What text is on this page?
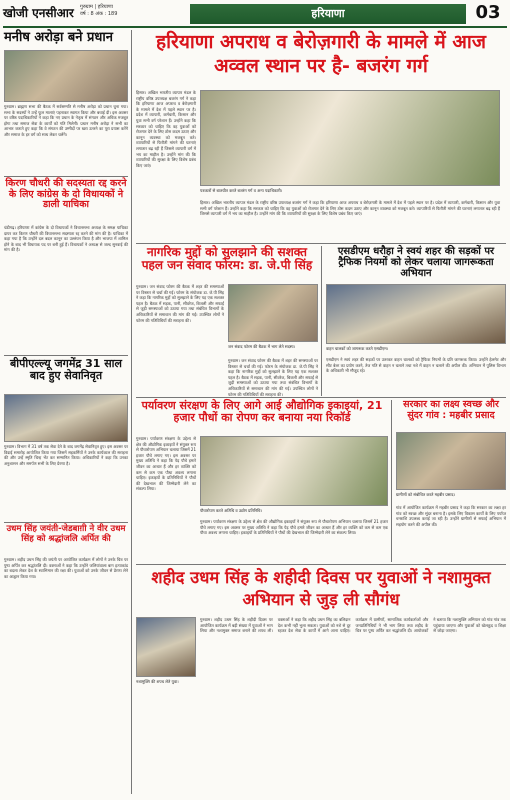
खोजी एनसीआर गुरुग्राम | हरियाणा
वर्ष : 8 अंक : 189	हरियाणा	03
मनीष अरोड़ा बने प्रधान
गुरुग्राम। ब्राह्मण सभा की बैठक में सर्वसम्मति से मनीष अरोड़ा को प्रधान चुना गया। सभा के सदस्यों ने उन्हें फूल मालाएं पहनाकर स्वागत किया और बधाई दी। इस अवसर पर वरिष्ठ पदाधिकारियों ने कहा कि नए प्रधान के नेतृत्व में संगठन और अधिक मजबूत होगा तथा समाज सेवा के कार्यों को गति मिलेगी। प्रधान मनीष अरोड़ा ने सभी का आभार जताते हुए कहा कि वे संगठन की उम्मीदों पर खरा उतरने का पूरा प्रयास करेंगे और समाज के हर वर्ग को साथ लेकर चलेंगे।
किरण चौधरी की सदस्यता रद्द करने के लिए कांग्रेस के दो विधायकों ने डाली याचिका
चंडीगढ़। हरियाणा में कांग्रेस के दो विधायकों ने विधानसभा अध्यक्ष के समक्ष याचिका दायर कर किरण चौधरी की विधानसभा सदस्यता रद्द करने की मांग की है। याचिका में कहा गया है कि उन्होंने दल बदल कानून का उल्लंघन किया है और भाजपा में शामिल होने के बाद भी विधायक पद पर बनी हुई हैं। विधायकों ने अध्यक्ष से जल्द सुनवाई की मांग की है।
बीपीएल्ल्यू जगमेंद्र 31 साल बाद हुए सेवानिवृत
गुरुग्राम। विभाग में 31 वर्ष तक सेवा देने के बाद जगमेंद्र सेवानिवृत हुए। इस अवसर पर विदाई समारोह आयोजित किया गया जिसमें सहकर्मियों ने उनके कार्यकाल की सराहना की और उन्हें स्मृति चिन्ह भेंट कर सम्मानित किया। अधिकारियों ने कहा कि उनका अनुशासन और समर्पण सभी के लिए प्रेरणा है।
उधम सिंह जयंती-जेडबाग़ी ने वीर उधम सिंह को श्रद्धांजलि अर्पित की
गुरुग्राम। शहीद उधम सिंह की जयंती पर आयोजित कार्यक्रम में लोगों ने उनके चित्र पर पुष्प अर्पित कर श्रद्धांजलि दी। वक्ताओं ने कहा कि उन्होंने जलियांवाला बाग हत्याकांड का बदला लेकर देश के स्वाभिमान की रक्षा की। युवाओं को उनके जीवन से प्रेरणा लेने का आह्वान किया गया।
हरियाणा अपराध व बेरोज़गारी के मामले में आज अव्वल स्थान पर है- बजरंग गर्ग
हिसार। अखिल भारतीय व्यापार मंडल के राष्ट्रीय वरिष्ठ उपाध्यक्ष बजरंग गर्ग ने कहा कि हरियाणा आज अपराध व बेरोज़गारी के मामले में देश में पहले स्थान पर है। प्रदेश में व्यापारी, कर्मचारी, किसान और युवा सभी वर्ग परेशान हैं। उन्होंने कहा कि सरकार को चाहिए कि वह युवाओं को रोजगार देने के लिए ठोस कदम उठाए और कानून व्यवस्था को मजबूत करे। व्यापारियों से फिरौती मांगने की घटनाएं लगातार बढ़ रही हैं जिससे व्यापारी वर्ग में भय का माहौल है। उन्होंने मांग की कि व्यापारियों की सुरक्षा के लिए विशेष प्रबंध किए जाएं।
पत्रकारों से बातचीत करते बजरंग गर्ग व अन्य पदाधिकारी।
हिसार। अखिल भारतीय व्यापार मंडल के राष्ट्रीय वरिष्ठ उपाध्यक्ष बजरंग गर्ग ने कहा कि हरियाणा आज अपराध व बेरोज़गारी के मामले में देश में पहले स्थान पर है। प्रदेश में व्यापारी, कर्मचारी, किसान और युवा सभी वर्ग परेशान हैं। उन्होंने कहा कि सरकार को चाहिए कि वह युवाओं को रोजगार देने के लिए ठोस कदम उठाए और कानून व्यवस्था को मजबूत करे। व्यापारियों से फिरौती मांगने की घटनाएं लगातार बढ़ रही हैं जिससे व्यापारी वर्ग में भय का माहौल है। उन्होंने मांग की कि व्यापारियों की सुरक्षा के लिए विशेष प्रबंध किए जाएं।
नागरिक मुद्दों को सुलझाने की सशक्त पहल जन संवाद फोरम: डा. जे.पी सिंह
गुरुग्राम। जन संवाद फोरम की बैठक में शहर की समस्याओं पर विस्तार से चर्चा की गई। फोरम के संयोजक डा. जे.पी सिंह ने कहा कि नागरिक मुद्दों को सुलझाने के लिए यह एक सशक्त पहल है। बैठक में सड़क, पानी, सीवरेज, बिजली और सफाई से जुड़ी समस्याओं को उठाया गया तथा संबंधित विभागों के अधिकारियों से समाधान की मांग की गई। उपस्थित लोगों ने फोरम की गतिविधियों की सराहना की।
जन संवाद फोरम की बैठक में भाग लेते सदस्य।
गुरुग्राम। जन संवाद फोरम की बैठक में शहर की समस्याओं पर विस्तार से चर्चा की गई। फोरम के संयोजक डा. जे.पी सिंह ने कहा कि नागरिक मुद्दों को सुलझाने के लिए यह एक सशक्त पहल है। बैठक में सड़क, पानी, सीवरेज, बिजली और सफाई से जुड़ी समस्याओं को उठाया गया तथा संबंधित विभागों के अधिकारियों से समाधान की मांग की गई। उपस्थित लोगों ने फोरम की गतिविधियों की सराहना की।
एसडीएम धरौहा ने स्वयं शहर की सड़कों पर ट्रैफिक नियमों को लेकर चलाया जागरूकता अभियान
वाहन चालकों को जागरूक करते एसडीएम।
एसडीएम ने स्वयं शहर की सड़कों पर उतरकर वाहन चालकों को ट्रैफिक नियमों के प्रति जागरूक किया। उन्होंने हेलमेट और सीट बेल्ट का प्रयोग करने, तेज गति से वाहन न चलाने तथा नशे में वाहन न चलाने की अपील की। अभियान में पुलिस विभाग के अधिकारी भी मौजूद रहे।
पर्यावरण संरक्षण के लिए आगे आई औद्योगिक इकाइयां, 21 हजार पौधों का रोपण कर बनाया नया रिकॉर्ड
गुरुग्राम। पर्यावरण संरक्षण के उद्देश्य से क्षेत्र की औद्योगिक इकाइयों ने संयुक्त रूप से पौधारोपण अभियान चलाया जिसमें 21 हजार पौधे लगाए गए। इस अवसर पर मुख्य अतिथि ने कहा कि पेड़ पौधे हमारे जीवन का आधार हैं और हर व्यक्ति को कम से कम एक पौधा अवश्य लगाना चाहिए। इकाइयों के प्रतिनिधियों ने पौधों की देखभाल की जिम्मेदारी लेने का संकल्प लिया।
पौधारोपण करते अतिथि व उद्योग प्रतिनिधि।
गुरुग्राम। पर्यावरण संरक्षण के उद्देश्य से क्षेत्र की औद्योगिक इकाइयों ने संयुक्त रूप से पौधारोपण अभियान चलाया जिसमें 21 हजार पौधे लगाए गए। इस अवसर पर मुख्य अतिथि ने कहा कि पेड़ पौधे हमारे जीवन का आधार हैं और हर व्यक्ति को कम से कम एक पौधा अवश्य लगाना चाहिए। इकाइयों के प्रतिनिधियों ने पौधों की देखभाल की जिम्मेदारी लेने का संकल्प लिया।
सरकार का लक्ष्य स्वच्छ और सुंदर गांव : महबीर प्रसाद
ग्रामीणों को संबोधित करते महबीर प्रसाद।
गांव में आयोजित कार्यक्रम में महबीर प्रसाद ने कहा कि सरकार का लक्ष्य हर गांव को स्वच्छ और सुंदर बनाना है। इसके लिए विकास कार्यों के लिए पर्याप्त धनराशि उपलब्ध कराई जा रही है। उन्होंने ग्रामीणों से सफाई अभियान में सहयोग करने की अपील की।
शहीद उधम सिंह के शहीदी दिवस पर युवाओं ने नशामुक्त अभियान से जुड़ ली सौगंध
नशामुक्ति की शपथ लेते युवा।
गुरुग्राम। शहीद उधम सिंह के शहीदी दिवस पर आयोजित कार्यक्रम में बड़ी संख्या में युवाओं ने भाग लिया और नशामुक्त समाज बनाने की शपथ ली। वक्ताओं ने कहा कि शहीद उधम सिंह का बलिदान देश कभी नहीं भुला सकता। युवाओं को नशे से दूर रहकर देश सेवा के कार्यों में आगे आना चाहिए। कार्यक्रम में ग्रामीणों, सामाजिक कार्यकर्ताओं और जनप्रतिनिधियों ने भी भाग लिया तथा शहीद के चित्र पर पुष्प अर्पित कर श्रद्धांजलि दी। आयोजकों ने बताया कि नशामुक्ति अभियान को गांव गांव तक पहुंचाया जाएगा और युवाओं को खेलकूद व शिक्षा से जोड़ा जाएगा।
